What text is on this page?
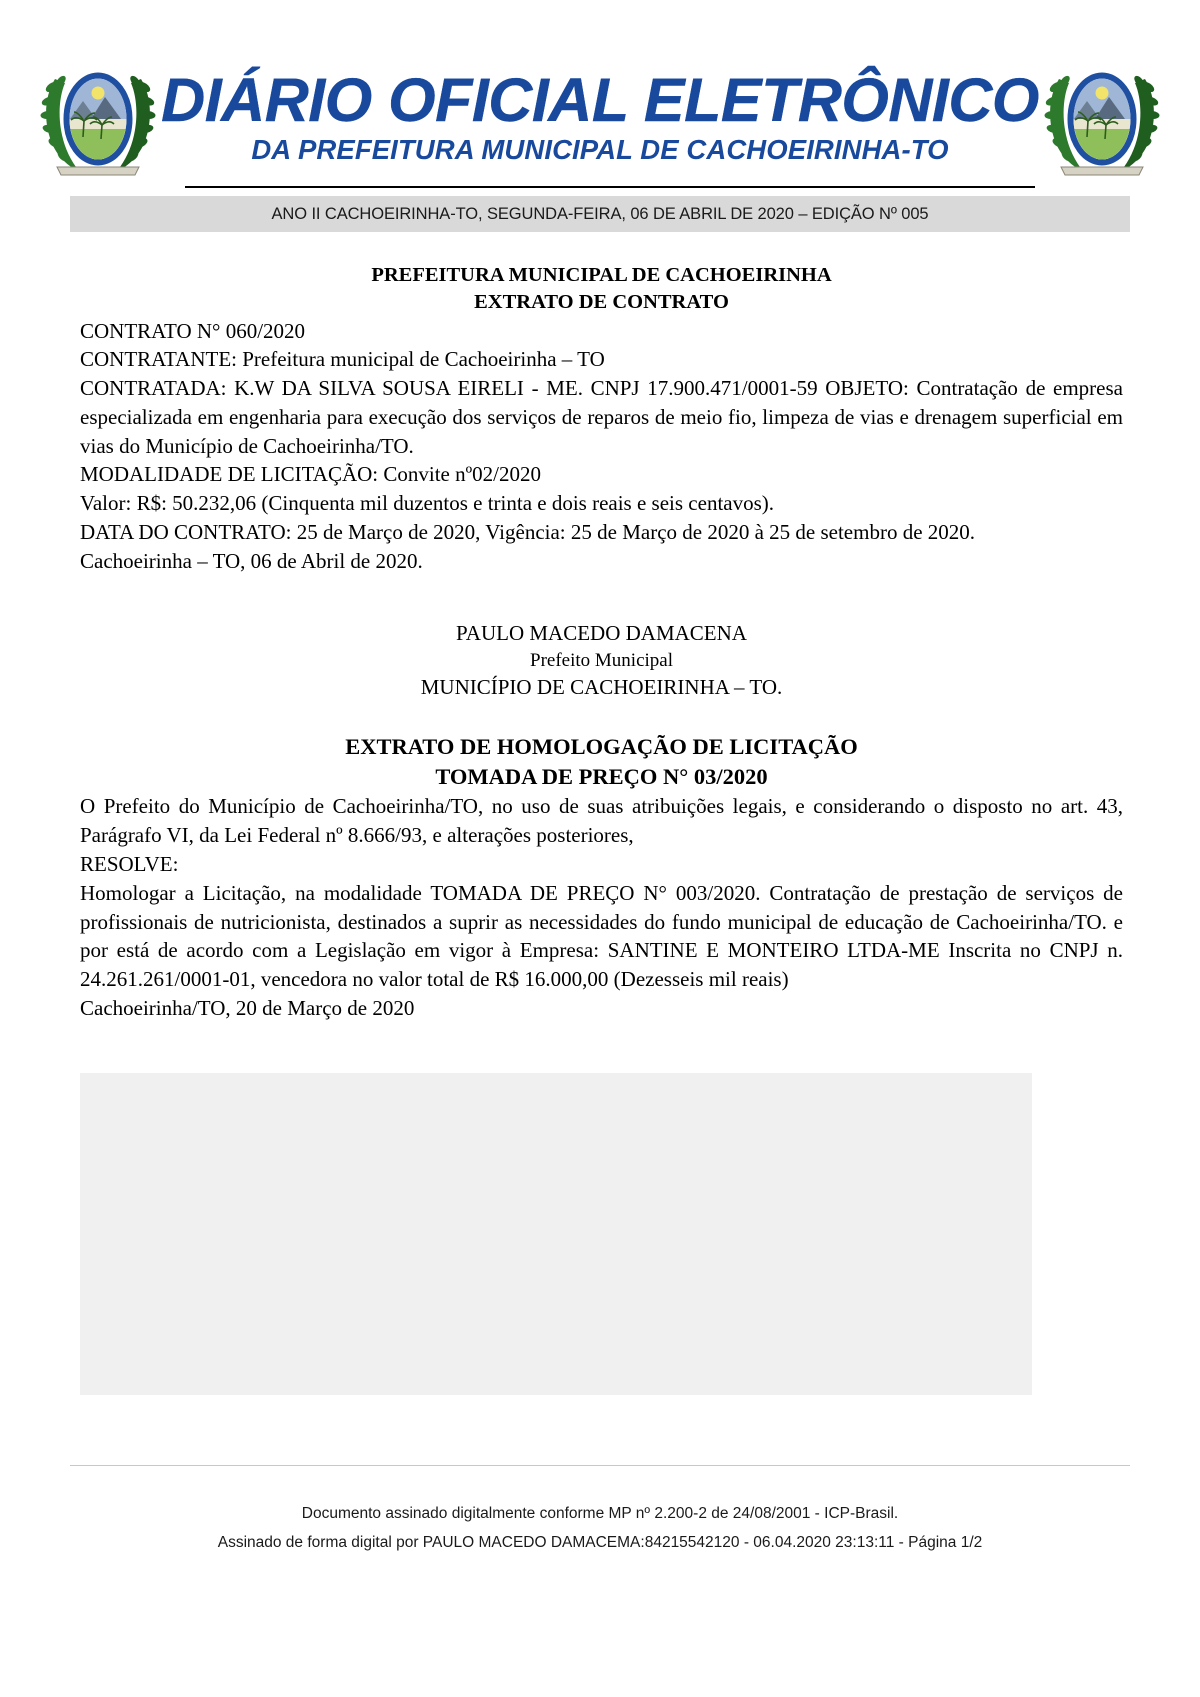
DIÁRIO OFICIAL ELETRÔNICO
DA PREFEITURA MUNICIPAL DE CACHOEIRINHA-TO
ANO II CACHOEIRINHA-TO, SEGUNDA-FEIRA, 06 DE ABRIL DE 2020 – EDIÇÃO Nº 005
PREFEITURA MUNICIPAL DE CACHOEIRINHA
EXTRATO DE CONTRATO

CONTRATO N° 060/2020

CONTRATANTE: Prefeitura municipal de Cachoeirinha – TO

CONTRATADA: K.W DA SILVA SOUSA EIRELI - ME. CNPJ 17.900.471/0001-59 OBJETO: Contratação de empresa especializada em engenharia para execução dos serviços de reparos de meio fio, limpeza de vias e drenagem superficial em vias do Município de Cachoeirinha/TO.

MODALIDADE DE LICITAÇÃO: Convite nº02/2020

Valor: R$: 50.232,06 (Cinquenta mil duzentos e trinta e dois reais e seis centavos).

DATA DO CONTRATO: 25 de Março de 2020, Vigência: 25 de Março de 2020 à 25 de setembro de 2020.

Cachoeirinha – TO, 06 de Abril de 2020.

PAULO MACEDO DAMACENA
Prefeito Municipal
MUNICÍPIO DE CACHOEIRINHA – TO.
EXTRATO DE HOMOLOGAÇÃO DE LICITAÇÃO
TOMADA DE PREÇO N° 03/2020

O Prefeito do Município de Cachoeirinha/TO, no uso de suas atribuições legais, e considerando o disposto no art. 43, Parágrafo VI, da Lei Federal nº 8.666/93, e alterações posteriores,

RESOLVE:

Homologar a Licitação, na modalidade TOMADA DE PREÇO N° 003/2020. Contratação de prestação de serviços de profissionais de nutricionista, destinados a suprir as necessidades do fundo municipal de educação de Cachoeirinha/TO. e por está de acordo com a Legislação em vigor à Empresa: SANTINE E MONTEIRO LTDA-ME Inscrita no CNPJ n. 24.261.261/0001-01, vencedora no valor total de R$ 16.000,00 (Dezesseis mil reais)

Cachoeirinha/TO, 20 de Março de 2020

Documento assinado digitalmente conforme MP nº 2.200-2 de 24/08/2001 - ICP-Brasil.
Assinado de forma digital por PAULO MACEDO DAMACEMA:84215542120 - 06.04.2020 23:13:11 - Página 1/2
